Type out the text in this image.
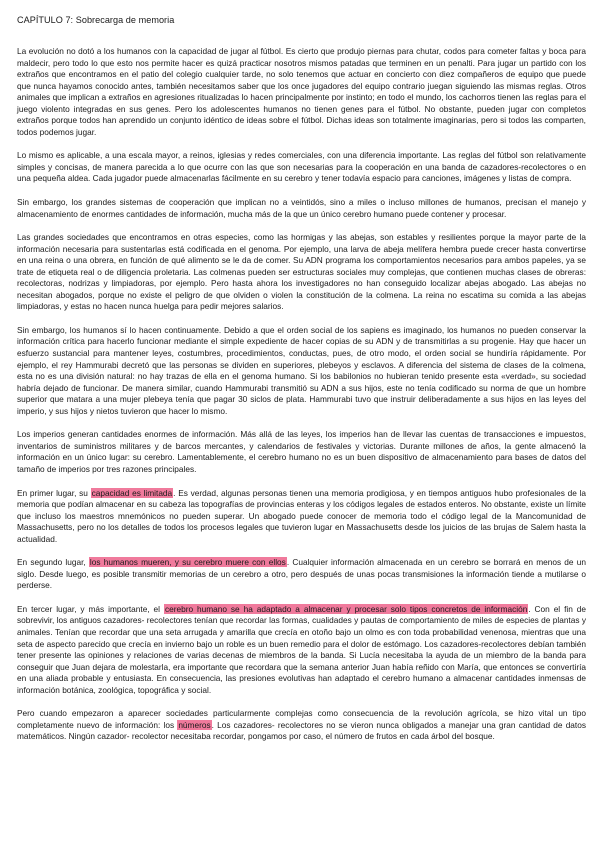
CAPÍTULO 7: Sobrecarga de memoria

La evolución no dotó a los humanos con la capacidad de jugar al fútbol. Es cierto que produjo piernas para chutar, codos para cometer faltas y boca para maldecir, pero todo lo que esto nos permite hacer es quizá practicar nosotros mismos patadas que terminen en un penalti. Para jugar un partido con los extraños que encontramos en el patio del colegio cualquier tarde, no solo tenemos que actuar en concierto con diez compañeros de equipo que puede que nunca hayamos conocido antes, también necesitamos saber que los once jugadores del equipo contrario juegan siguiendo las mismas reglas. Otros animales que implican a extraños en agresiones ritualizadas lo hacen principalmente por instinto; en todo el mundo, los cachorros tienen las reglas para el juego violento integradas en sus genes. Pero los adolescentes humanos no tienen genes para el fútbol. No obstante, pueden jugar con completos extraños porque todos han aprendido un conjunto idéntico de ideas sobre el fútbol. Dichas ideas son totalmente imaginarias, pero si todos las comparten, todos podemos jugar.

Lo mismo es aplicable, a una escala mayor, a reinos, iglesias y redes comerciales, con una diferencia importante. Las reglas del fútbol son relativamente simples y concisas, de manera parecida a lo que ocurre con las que son necesarias para la cooperación en una banda de cazadores-recolectores o en una pequeña aldea. Cada jugador puede almacenarlas fácilmente en su cerebro y tener todavía espacio para canciones, imágenes y listas de compra.

Sin embargo, los grandes sistemas de cooperación que implican no a veintidós, sino a miles o incluso millones de humanos, precisan el manejo y almacenamiento de enormes cantidades de información, mucha más de la que un único cerebro humano puede contener y procesar.

Las grandes sociedades que encontramos en otras especies, como las hormigas y las abejas, son estables y resilientes porque la mayor parte de la información necesaria para sustentarlas está codificada en el genoma. Por ejemplo, una larva de abeja melífera hembra puede crecer hasta convertirse en una reina o una obrera, en función de qué alimento se le da de comer. Su ADN programa los comportamientos necesarios para ambos papeles, ya se trate de etiqueta real o de diligencia proletaria. Las colmenas pueden ser estructuras sociales muy complejas, que contienen muchas clases de obreras: recolectoras, nodrizas y limpiadoras, por ejemplo. Pero hasta ahora los investigadores no han conseguido localizar abejas abogado. Las abejas no necesitan abogados, porque no existe el peligro de que olviden o violen la constitución de la colmena. La reina no escatima su comida a las abejas limpiadoras, y estas no hacen nunca huelga para pedir mejores salarios.

Sin embargo, los humanos sí lo hacen continuamente. Debido a que el orden social de los sapiens es imaginado, los humanos no pueden conservar la información crítica para hacerlo funcionar mediante el simple expediente de hacer copias de su ADN y de transmitirlas a su progenie. Hay que hacer un esfuerzo sustancial para mantener leyes, costumbres, procedimientos, conductas, pues, de otro modo, el orden social se hundiría rápidamente. Por ejemplo, el rey Hammurabi decretó que las personas se dividen en superiores, plebeyos y esclavos. A diferencia del sistema de clases de la colmena, esta no es una división natural: no hay trazas de ella en el genoma humano. Si los babilonios no hubieran tenido presente esta «verdad», su sociedad habría dejado de funcionar. De manera similar, cuando Hammurabi transmitió su ADN a sus hijos, este no tenía codificado su norma de que un hombre superior que matara a una mujer plebeya tenía que pagar 30 siclos de plata. Hammurabi tuvo que instruir deliberadamente a sus hijos en las leyes del imperio, y sus hijos y nietos tuvieron que hacer lo mismo.

Los imperios generan cantidades enormes de información. Más allá de las leyes, los imperios han de llevar las cuentas de transacciones e impuestos, inventarios de suministros militares y de barcos mercantes, y calendarios de festivales y victorias. Durante millones de años, la gente almacenó la información en un único lugar: su cerebro. Lamentablemente, el cerebro humano no es un buen dispositivo de almacenamiento para bases de datos del tamaño de imperios por tres razones principales.

En primer lugar, su capacidad es limitada. Es verdad, algunas personas tienen una memoria prodigiosa, y en tiempos antiguos hubo profesionales de la memoria que podían almacenar en su cabeza las topografías de provincias enteras y los códigos legales de estados enteros. No obstante, existe un límite que incluso los maestros mnemónicos no pueden superar. Un abogado puede conocer de memoria todo el código legal de la Mancomunidad de Massachusetts, pero no los detalles de todos los procesos legales que tuvieron lugar en Massachusetts desde los juicios de las brujas de Salem hasta la actualidad.

En segundo lugar, los humanos mueren, y su cerebro muere con ellos. Cualquier información almacenada en un cerebro se borrará en menos de un siglo. Desde luego, es posible transmitir memorias de un cerebro a otro, pero después de unas pocas transmisiones la información tiende a mutilarse o perderse.

En tercer lugar, y más importante, el cerebro humano se ha adaptado a almacenar y procesar solo tipos concretos de información. Con el fin de sobrevivir, los antiguos cazadores- recolectores tenían que recordar las formas, cualidades y pautas de comportamiento de miles de especies de plantas y animales. Tenían que recordar que una seta arrugada y amarilla que crecía en otoño bajo un olmo es con toda probabilidad venenosa, mientras que una seta de aspecto parecido que crecía en invierno bajo un roble es un buen remedio para el dolor de estómago. Los cazadores-recolectores debían también tener presente las opiniones y relaciones de varias decenas de miembros de la banda. Si Lucía necesitaba la ayuda de un miembro de la banda para conseguir que Juan dejara de molestarla, era importante que recordara que la semana anterior Juan había reñido con María, que entonces se convertiría en una aliada probable y entusiasta. En consecuencia, las presiones evolutivas han adaptado el cerebro humano a almacenar cantidades inmensas de información botánica, zoológica, topográfica y social.

Pero cuando empezaron a aparecer sociedades particularmente complejas como consecuencia de la revolución agrícola, se hizo vital un tipo completamente nuevo de información: los números. Los cazadores- recolectores no se vieron nunca obligados a manejar una gran cantidad de datos matemáticos. Ningún cazador- recolector necesitaba recordar, pongamos por caso, el número de frutos en cada árbol del bosque.
